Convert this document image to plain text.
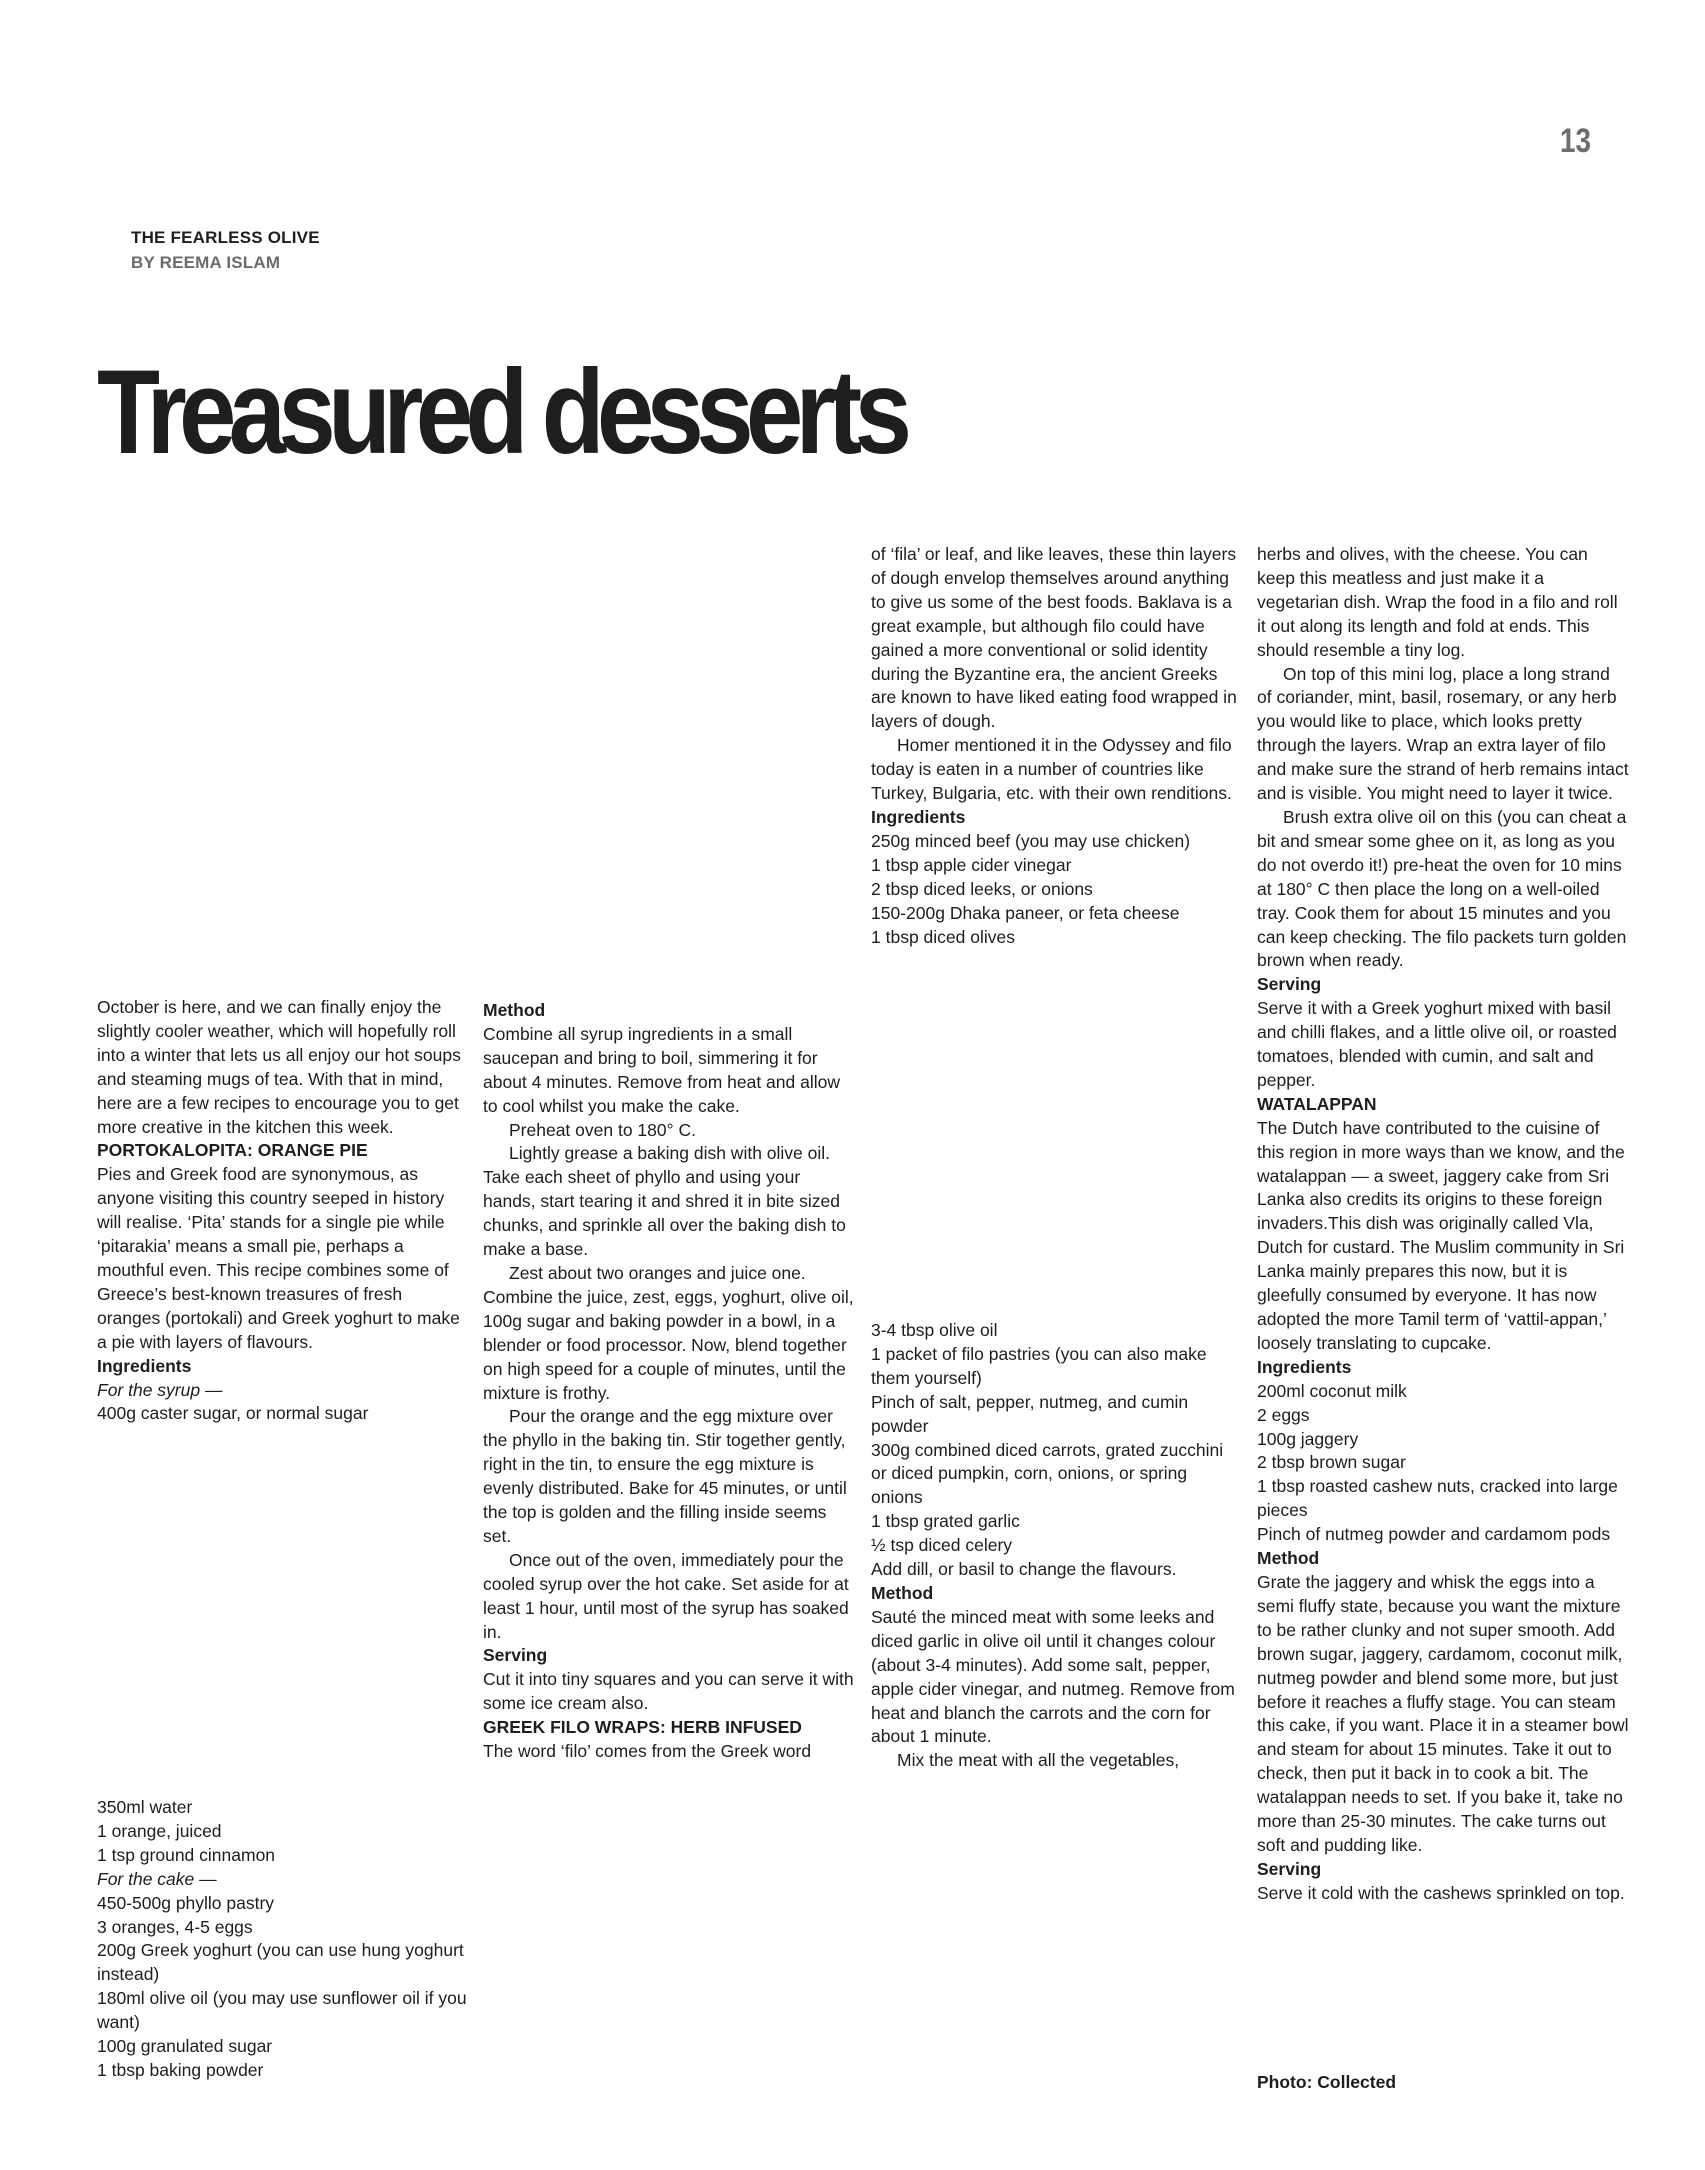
13
THE FEARLESS OLIVE
BY REEMA ISLAM
Treasured desserts

October is here, and we can finally enjoy the slightly cooler weather, which will hopefully roll into a winter that lets us all enjoy our hot soups and steaming mugs of tea. With that in mind, here are a few recipes to encourage you to get more creative in the kitchen this week.

PORTOKALOPITA: ORANGE PIE

Pies and Greek food are synonymous, as anyone visiting this country seeped in history will realise. ‘Pita’ stands for a single pie while ‘pitarakia’ means a small pie, perhaps a mouthful even. This recipe combines some of Greece’s best-known treasures of fresh oranges (portokali) and Greek yoghurt to make a pie with layers of flavours.

Ingredients

For the syrup —

400g caster sugar, or normal sugar

350ml water

1 orange, juiced

1 tsp ground cinnamon

For the cake —

450-500g phyllo pastry

3 oranges, 4-5 eggs

200g Greek yoghurt (you can use hung yoghurt instead)

180ml olive oil (you may use sunflower oil if you want)

100g granulated sugar

1 tbsp baking powder

Method

Combine all syrup ingredients in a small saucepan and bring to boil, simmering it for about 4 minutes. Remove from heat and allow to cool whilst you make the cake.

Preheat oven to 180° C.

Lightly grease a baking dish with olive oil. Take each sheet of phyllo and using your hands, start tearing it and shred it in bite sized chunks, and sprinkle all over the baking dish to make a base.

Zest about two oranges and juice one. Combine the juice, zest, eggs, yoghurt, olive oil, 100g sugar and baking powder in a bowl, in a blender or food processor. Now, blend together on high speed for a couple of minutes, until the mixture is frothy.

Pour the orange and the egg mixture over the phyllo in the baking tin. Stir together gently, right in the tin, to ensure the egg mixture is evenly distributed. Bake for 45 minutes, or until the top is golden and the filling inside seems set.

Once out of the oven, immediately pour the cooled syrup over the hot cake. Set aside for at least 1 hour, until most of the syrup has soaked in.

Serving

Cut it into tiny squares and you can serve it with some ice cream also.

GREEK FILO WRAPS: HERB INFUSED

The word ‘filo’ comes from the Greek word

of ‘fila’ or leaf, and like leaves, these thin layers of dough envelop themselves around anything to give us some of the best foods. Baklava is a great example, but although filo could have gained a more conventional or solid identity during the Byzantine era, the ancient Greeks are known to have liked eating food wrapped in layers of dough.

Homer mentioned it in the Odyssey and filo today is eaten in a number of countries like Turkey, Bulgaria, etc. with their own renditions.

Ingredients

250g minced beef (you may use chicken)

1 tbsp apple cider vinegar

2 tbsp diced leeks, or onions

150-200g Dhaka paneer, or feta cheese

1 tbsp diced olives

3-4 tbsp olive oil

1 packet of filo pastries (you can also make them yourself)

Pinch of salt, pepper, nutmeg, and cumin powder

300g combined diced carrots, grated zucchini or diced pumpkin, corn, onions, or spring onions

1 tbsp grated garlic

½ tsp diced celery

Add dill, or basil to change the flavours.

Method

Sauté the minced meat with some leeks and diced garlic in olive oil until it changes colour (about 3-4 minutes). Add some salt, pepper, apple cider vinegar, and nutmeg. Remove from heat and blanch the carrots and the corn for about 1 minute.

Mix the meat with all the vegetables,

herbs and olives, with the cheese. You can keep this meatless and just make it a vegetarian dish. Wrap the food in a filo and roll it out along its length and fold at ends. This should resemble a tiny log.

On top of this mini log, place a long strand of coriander, mint, basil, rosemary, or any herb you would like to place, which looks pretty through the layers. Wrap an extra layer of filo and make sure the strand of herb remains intact and is visible. You might need to layer it twice.

Brush extra olive oil on this (you can cheat a bit and smear some ghee on it, as long as you do not overdo it!) pre-heat the oven for 10 mins at 180° C then place the long on a well-oiled tray. Cook them for about 15 minutes and you can keep checking. The filo packets turn golden brown when ready.

Serving

Serve it with a Greek yoghurt mixed with basil and chilli flakes, and a little olive oil, or roasted tomatoes, blended with cumin, and salt and pepper.

WATALAPPAN

The Dutch have contributed to the cuisine of this region in more ways than we know, and the watalappan — a sweet, jaggery cake from Sri Lanka also credits its origins to these foreign invaders.This dish was originally called Vla, Dutch for custard. The Muslim community in Sri Lanka mainly prepares this now, but it is gleefully consumed by everyone. It has now adopted the more Tamil term of ‘vattil-appan,’ loosely translating to cupcake.

Ingredients

200ml coconut milk

2 eggs

100g jaggery

2 tbsp brown sugar

1 tbsp roasted cashew nuts, cracked into large pieces

Pinch of nutmeg powder and cardamom pods

Method

Grate the jaggery and whisk the eggs into a semi fluffy state, because you want the mixture to be rather clunky and not super smooth. Add brown sugar, jaggery, cardamom, coconut milk, nutmeg powder and blend some more, but just before it reaches a fluffy stage. You can steam this cake, if you want. Place it in a steamer bowl and steam for about 15 minutes. Take it out to check, then put it back in to cook a bit. The watalappan needs to set. If you bake it, take no more than 25-30 minutes. The cake turns out soft and pudding like.

Serving

Serve it cold with the cashews sprinkled on top.

Photo: Collected
